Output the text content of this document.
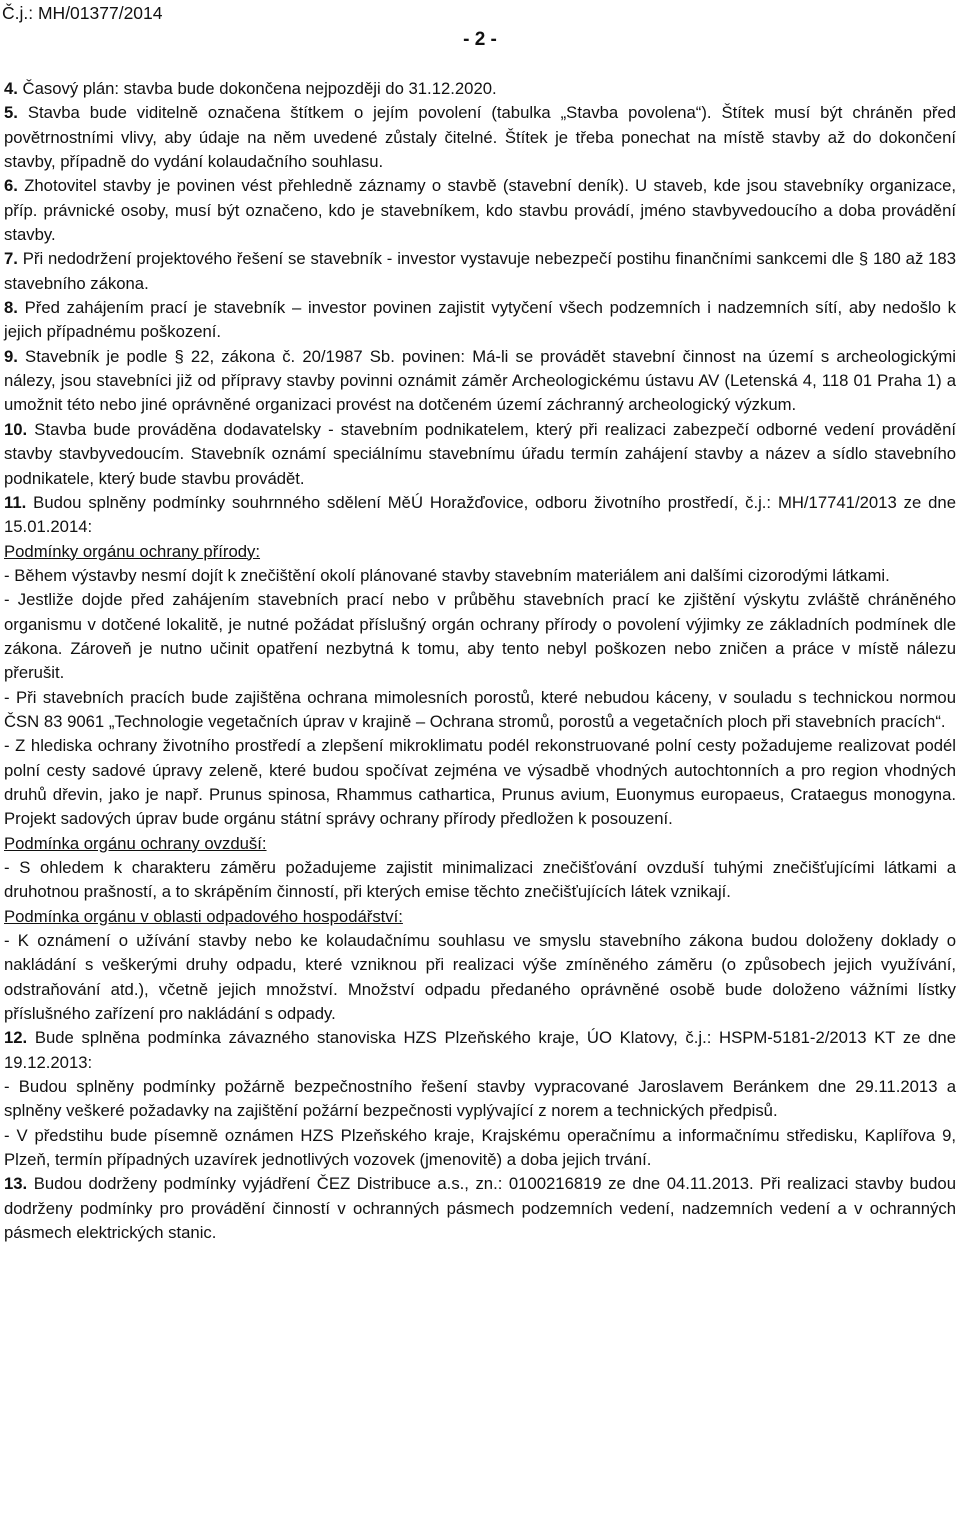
Č.j.: MH/01377/2014
- 2 -

4. Časový plán: stavba bude dokončena nejpozději do 31.12.2020.

5. Stavba bude viditelně označena štítkem o jejím povolení (tabulka „Stavba povolena“). Štítek musí být chráněn před povětrnostními vlivy, aby údaje na něm uvedené zůstaly čitelné. Štítek je třeba ponechat na místě stavby až do dokončení stavby, případně do vydání kolaudačního souhlasu.

6. Zhotovitel stavby je povinen vést přehledně záznamy o stavbě (stavební deník). U staveb, kde jsou stavebníky organizace, příp. právnické osoby, musí být označeno, kdo je stavebníkem, kdo stavbu provádí, jméno stavbyvedoucího a doba provádění stavby.

7. Při nedodržení projektového řešení se stavebník - investor vystavuje nebezpečí postihu finančními sankcemi dle § 180 až 183 stavebního zákona.

8. Před zahájením prací je stavebník – investor povinen zajistit vytyčení všech podzemních i nadzemních sítí, aby nedošlo k jejich případnému poškození.

9. Stavebník je podle § 22, zákona č. 20/1987 Sb. povinen: Má-li se provádět stavební činnost na území s archeologickými nálezy, jsou stavebníci již od přípravy stavby povinni oznámit záměr Archeologickému ústavu AV (Letenská 4, 118 01 Praha 1) a umožnit této nebo jiné oprávněné organizaci provést na dotčeném území záchranný archeologický výzkum.

10. Stavba bude prováděna dodavatelsky - stavebním podnikatelem, který při realizaci zabezpečí odborné vedení provádění stavby stavbyvedoucím. Stavebník oznámí speciálnímu stavebnímu úřadu termín zahájení stavby a název a sídlo stavebního podnikatele, který bude stavbu provádět.

11. Budou splněny podmínky souhrnného sdělení MěÚ Horažďovice, odboru životního prostředí, č.j.: MH/17741/2013 ze dne 15.01.2014:

Podmínky orgánu ochrany přírody:

- Během výstavby nesmí dojít k znečištění okolí plánované stavby stavebním materiálem ani dalšími cizorodými látkami.

- Jestliže dojde před zahájením stavebních prací nebo v průběhu stavebních prací ke zjištění výskytu zvláště chráněného organismu v dotčené lokalitě, je nutné požádat příslušný orgán ochrany přírody o povolení výjimky ze základních podmínek dle zákona. Zároveň je nutno učinit opatření nezbytná k tomu, aby tento nebyl poškozen nebo zničen a práce v místě nálezu přerušit.

- Při stavebních pracích bude zajištěna ochrana mimolesních porostů, které nebudou káceny, v souladu s technickou normou ČSN 83 9061 „Technologie vegetačních úprav v krajině – Ochrana stromů, porostů a vegetačních ploch při stavebních pracích“.

- Z hlediska ochrany životního prostředí a zlepšení mikroklimatu podél rekonstruované polní cesty požadujeme realizovat podél polní cesty sadové úpravy zeleně, které budou spočívat zejména ve výsadbě vhodných autochtonních a pro region vhodných druhů dřevin, jako je např. Prunus spinosa, Rhammus cathartica, Prunus avium, Euonymus europaeus, Crataegus monogyna. Projekt sadových úprav bude orgánu státní správy ochrany přírody předložen k posouzení.

Podmínka orgánu ochrany ovzduší:

- S ohledem k charakteru záměru požadujeme zajistit minimalizaci znečišťování ovzduší tuhými znečišťujícími látkami a druhotnou prašností, a to skrápěním činností, při kterých emise těchto znečišťujících látek vznikají.

Podmínka orgánu v oblasti odpadového hospodářství:

- K oznámení o užívání stavby nebo ke kolaudačnímu souhlasu ve smyslu stavebního zákona budou doloženy doklady o nakládání s veškerými druhy odpadu, které vzniknou při realizaci výše zmíněného záměru (o způsobech jejich využívání, odstraňování atd.), včetně jejich množství. Množství odpadu předaného oprávněné osobě bude doloženo vážními lístky příslušného zařízení pro nakládání s odpady.

12. Bude splněna podmínka závazného stanoviska HZS Plzeňského kraje, ÚO Klatovy, č.j.: HSPM-5181-2/2013 KT ze dne 19.12.2013:

- Budou splněny podmínky požárně bezpečnostního řešení stavby vypracované Jaroslavem Beránkem dne 29.11.2013 a splněny veškeré požadavky na zajištění požární bezpečnosti vyplývající z norem a technických předpisů.

- V předstihu bude písemně oznámen HZS Plzeňského kraje, Krajskému operačnímu a informačnímu středisku, Kaplířova 9, Plzeň, termín případných uzavírek jednotlivých vozovek (jmenovitě) a doba jejich trvání.

13. Budou dodrženy podmínky vyjádření ČEZ Distribuce a.s., zn.: 0100216819 ze dne 04.11.2013. Při realizaci stavby budou dodrženy podmínky pro provádění činností v ochranných pásmech podzemních vedení, nadzemních vedení a v ochranných pásmech elektrických stanic.
